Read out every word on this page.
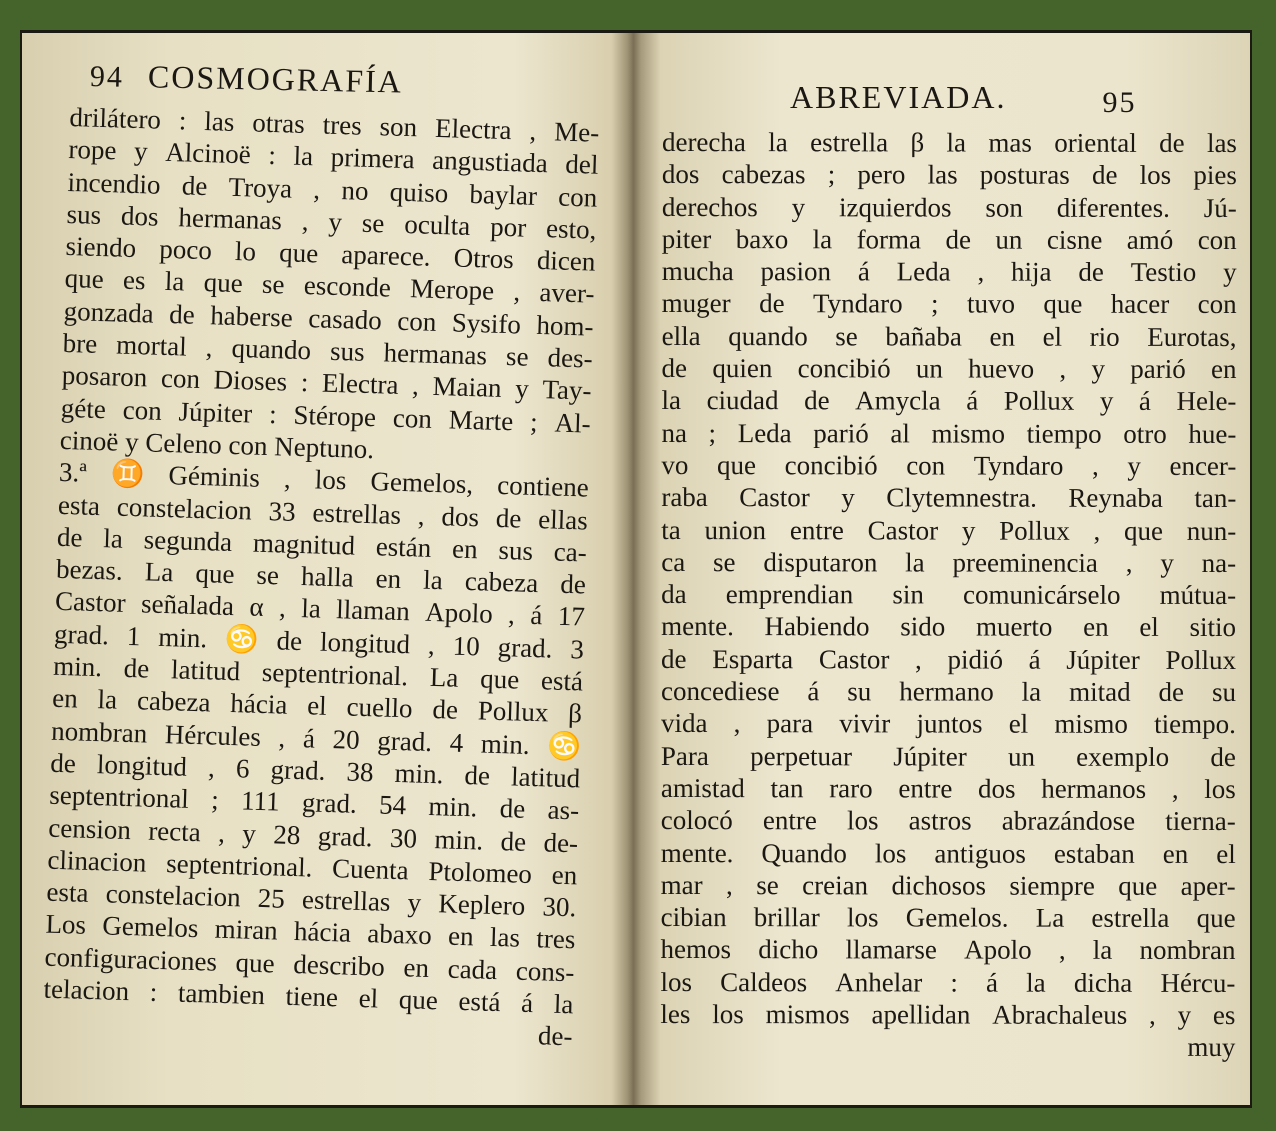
94 COSMOGRAFÍA
drilátero : las otras tres son Electra , Me-
rope y Alcinoë : la primera angustiada del
incendio de Troya , no quiso baylar con
sus dos hermanas , y se oculta por esto,
siendo poco lo que aparece. Otros dicen
que es la que se esconde Merope , aver-
gonzada de haberse casado con Sysifo hom-
bre mortal , quando sus hermanas se des-
posaron con Dioses : Electra , Maian y Tay-
géte con Júpiter : Stérope con Marte ; Al-
cinoë y Celeno con Neptuno.
3.ª ♊ Géminis , los Gemelos, contiene
esta constelacion 33 estrellas , dos de ellas
de la segunda magnitud están en sus ca-
bezas. La que se halla en la cabeza de
Castor señalada α , la llaman Apolo , á 17
grad. 1 min. ♋ de longitud , 10 grad. 3
min. de latitud septentrional. La que está
en la cabeza hácia el cuello de Pollux β
nombran Hércules , á 20 grad. 4 min. ♋
de longitud , 6 grad. 38 min. de latitud
septentrional ; 111 grad. 54 min. de as-
cension recta , y 28 grad. 30 min. de de-
clinacion septentrional. Cuenta Ptolomeo en
esta constelacion 25 estrellas y Keplero 30.
Los Gemelos miran hácia abaxo en las tres
configuraciones que describo en cada cons-
telacion : tambien tiene el que está á la
de-
ABREVIADA.	95
derecha la estrella β la mas oriental de las
dos cabezas ; pero las posturas de los pies
derechos y izquierdos son diferentes. Jú-
piter baxo la forma de un cisne amó con
mucha pasion á Leda , hija de Testio y
muger de Tyndaro ; tuvo que hacer con
ella quando se bañaba en el rio Eurotas,
de quien concibió un huevo , y parió en
la ciudad de Amycla á Pollux y á Hele-
na ; Leda parió al mismo tiempo otro hue-
vo que concibió con Tyndaro , y encer-
raba Castor y Clytemnestra. Reynaba tan-
ta union entre Castor y Pollux , que nun-
ca se disputaron la preeminencia , y na-
da emprendian sin comunicárselo mútua-
mente. Habiendo sido muerto en el sitio
de Esparta Castor , pidió á Júpiter Pollux
concediese á su hermano la mitad de su
vida , para vivir juntos el mismo tiempo.
Para perpetuar Júpiter un exemplo de
amistad tan raro entre dos hermanos , los
colocó entre los astros abrazándose tierna-
mente. Quando los antiguos estaban en el
mar , se creian dichosos siempre que aper-
cibian brillar los Gemelos. La estrella que
hemos dicho llamarse Apolo , la nombran
los Caldeos Anhelar : á la dicha Hércu-
les los mismos apellidan Abrachaleus , y es
muy
